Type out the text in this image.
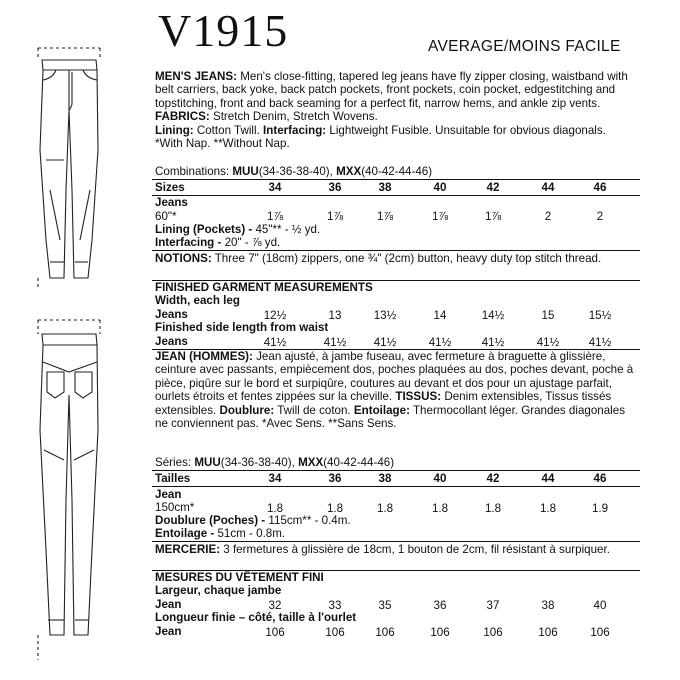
V1915	AVERAGE/MOINS FACILE
MEN'S JEANS: Men's close-fitting, tapered leg jeans have fly zipper closing, waistband with belt carriers, back yoke, back patch pockets, front pockets, coin pocket, edgestitching and topstitching, front and back seaming for a perfect fit, narrow hems, and ankle zip vents. FABRICS: Stretch Denim, Stretch Wovens.
Lining: Cotton Twill. Interfacing: Lightweight Fusible. Unsuitable for obvious diagonals. *With Nap. **Without Nap.
Combinations: MUU(34-36-38-40), MXX(40-42-44-46)
Sizes	34	36	38	40	42	44	46
Jeans
60"*	1⅞	1⅞	1⅞	1⅞	1⅞	2	2
Lining (Pockets) - 45"** - ½ yd.
Interfacing - 20" - ⅞ yd.
NOTIONS: Three 7" (18cm) zippers, one ¾" (2cm) button, heavy duty top stitch thread.
FINISHED GARMENT MEASUREMENTS
Width, each leg
Jeans	12½	13	13½	14	14½	15	15½
Finished side length from waist
Jeans	41½	41½	41½	41½	41½	41½	41½
JEAN (HOMMES): Jean ajusté, à jambe fuseau, avec fermeture à braguette à glissière, ceinture avec passants, empiècement dos, poches plaquées au dos, poches devant, poche à pièce, piqûre sur le bord et surpiqûre, coutures au devant et dos pour un ajustage parfait, ourlets étroits et fentes zippées sur la cheville. TISSUS: Denim extensibles, Tissus tissés extensibles. Doublure: Twill de coton. Entoilage: Thermocollant léger. Grandes diagonales ne conviennent pas. *Avec Sens. **Sans Sens.
Séries: MUU(34-36-38-40), MXX(40-42-44-46)
Tailles	34	36	38	40	42	44	46
Jean
150cm*	1.8	1.8	1.8	1.8	1.8	1.8	1.9
Doublure (Poches) - 115cm** - 0.4m.
Entoilage - 51cm - 0.8m.
MERCERIE: 3 fermetures à glissière de 18cm, 1 bouton de 2cm, fil résistant à surpiquer.
MESURES DU VÊTEMENT FINI
Largeur, chaque jambe
Jean	32	33	35	36	37	38	40
Longueur finie – côté, taille à l'ourlet
Jean	106	106	106	106	106	106	106
